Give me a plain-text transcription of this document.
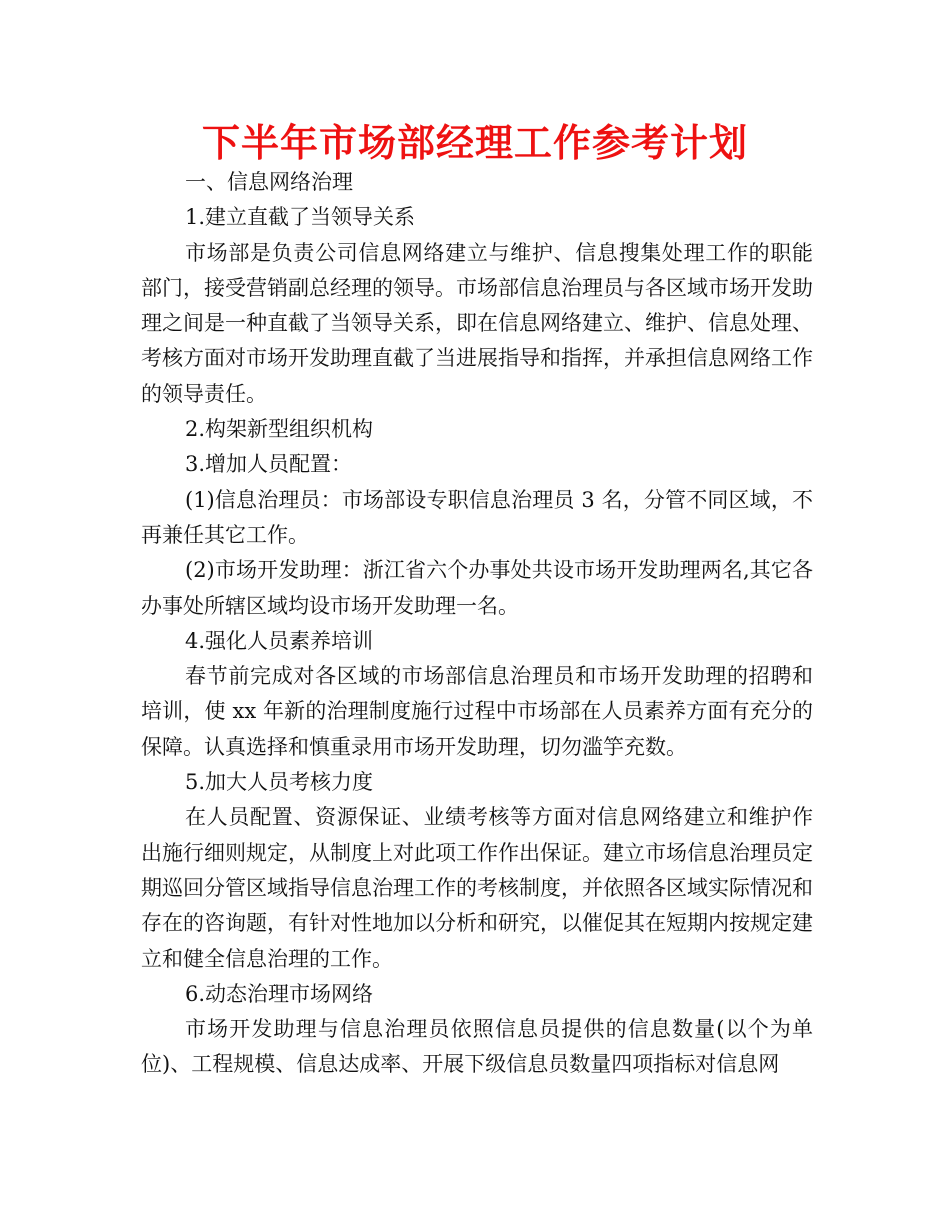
下半年市场部经理工作参考计划

一、信息网络治理

1.建立直截了当领导关系

市场部是负责公司信息网络建立与维护、信息搜集处理工作的职能部门，接受营销副总经理的领导。市场部信息治理员与各区域市场开发助理之间是一种直截了当领导关系，即在信息网络建立、维护、信息处理、考核方面对市场开发助理直截了当进展指导和指挥，并承担信息网络工作的领导责任。

2.构架新型组织机构

3.增加人员配置：

(1)信息治理员：市场部设专职信息治理员 3 名，分管不同区域，不再兼任其它工作。

(2)市场开发助理：浙江省六个办事处共设市场开发助理两名,其它各办事处所辖区域均设市场开发助理一名。

4.强化人员素养培训

春节前完成对各区域的市场部信息治理员和市场开发助理的招聘和培训，使 xx 年新的治理制度施行过程中市场部在人员素养方面有充分的保障。认真选择和慎重录用市场开发助理，切勿滥竽充数。

5.加大人员考核力度

在人员配置、资源保证、业绩考核等方面对信息网络建立和维护作出施行细则规定，从制度上对此项工作作出保证。建立市场信息治理员定期巡回分管区域指导信息治理工作的考核制度，并依照各区域实际情况和存在的咨询题，有针对性地加以分析和研究，以催促其在短期内按规定建立和健全信息治理的工作。

6.动态治理市场网络

市场开发助理与信息治理员依照信息员提供的信息数量(以个为单位)、工程规模、信息达成率、开展下级信息员数量四项指标对信息网
